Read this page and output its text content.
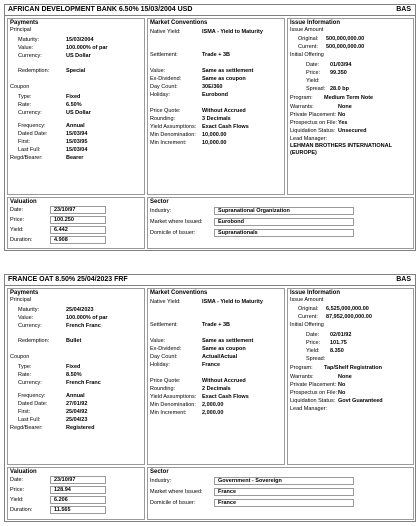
AFRICAN DEVELOPMENT BANK 6.50% 15/03/2004 USD	BAS
Payments
Principal
Maturity:	15/03/2004
Value:	100.000% of par
Currency:	US Dollar
Redemption:	Special
Coupon
Type:	Fixed
Rate:	6.50%
Currency:	US Dollar
Frequency:	Annual
Dated Date:	15/03/94
First:	15/03/95
Last Full:	15/03/04
Regd/Bearer:	Bearer
Market Conventions
Native Yield:	ISMA - Yield to Maturity
Settlement:	Trade + 3B
Value:	Same as settlement
Ex-Dividend:	Same as coupon
Day Count:	30E/360
Holiday:	Eurobond
Price Quote:	Without Accrued
Rounding:	3 Decimals
Yield Assumptions: Exact Cash Flows
Min Denomination: 10,000.00
Min Increment:	10,000.00
Issue Information
Issue Amount
Original: 500,000,000.00
Current: 500,000,000.00
Initial Offering
Date: 01/03/94
Price: 99.350
Yield:
Spread: 28.0 bp
Program: Medium Term Note
Warrants:	None
Private Placement: No
Prospectus on File: Yes
Liquidation Status: Unsecured
Lead Manager:
LEHMAN BROTHERS INTERNATIONAL (EUROPE)
Valuation
Date:	23/10/97
Price:	100.250
Yield:	6.442
Duration:	4.908
Sector
Industry:	Supranational Organization
Market where Issued:	Eurobond
Domicile of Issuer:	Supranationals
FRANCE OAT 8.50% 25/04/2023 FRF	BAS
Payments
Principal
Maturity:	25/04/2023
Value:	100.000% of par
Currency:	French Franc
Redemption:	Bullet
Coupon
Type:	Fixed
Rate:	8.50%
Currency:	French Franc
Frequency:	Annual
Dated Date:	27/01/92
First:	25/04/92
Last Full:	25/04/23
Regd/Bearer:	Registered
Market Conventions
Native Yield:	ISMA - Yield to Maturity
Settlement:	Trade + 3B
Value:	Same as settlement
Ex-Dividend:	Same as coupon
Day Count:	Actual/Actual
Holiday:	France
Price Quote:	Without Accrued
Rounding:	2 Decimals
Yield Assumptions: Exact Cash Flows
Min Denomination: 2,000.00
Min Increment:	2,000.00
Issue Information
Issue Amount
Original: 6,525,000,000.00
Current: 87,952,000,000.00
Initial Offering
Date: 02/01/92
Price: 101.75
Yield: 8.350
Spread:
Program: Tap/Shelf Registration
Warrants:	None
Private Placement: No
Prospectus on File: No
Liquidation Status: Govt Guaranteed
Lead Manager:
Valuation
Date:	23/10/97
Price:	128.94
Yield:	6.206
Duration:	11.565
Sector
Industry:	Government - Sovereign
Market where Issued:	France
Domicile of Issuer:	France
